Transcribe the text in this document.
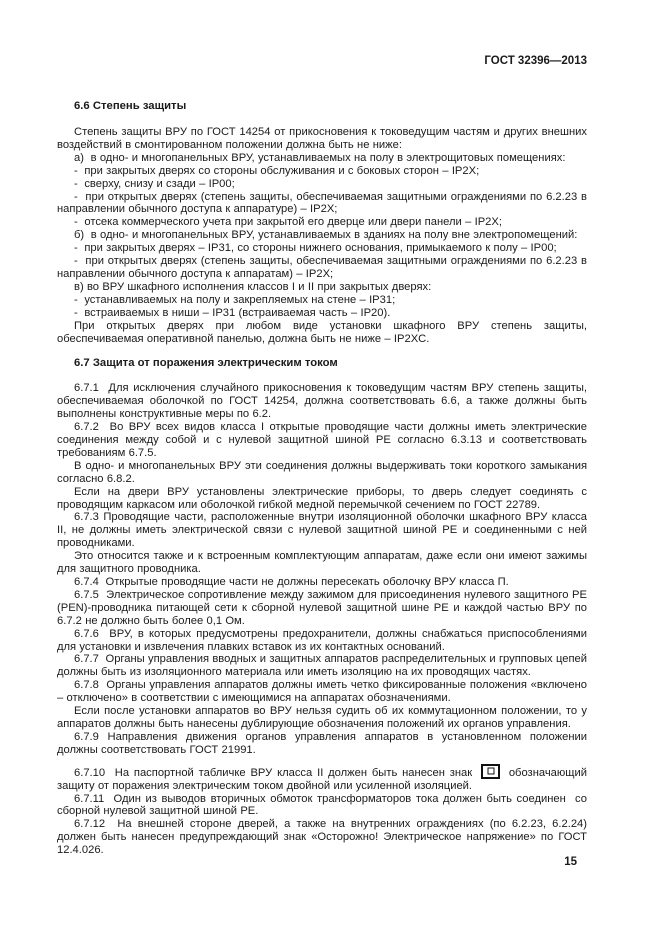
ГОСТ 32396—2013
6.6 Степень защиты

Степень защиты ВРУ по ГОСТ 14254 от прикосновения к токоведущим частям и других внешних воздействий в смонтированном положении должна быть не ниже:

а)  в одно- и многопанельных ВРУ, устанавливаемых на полу в электрощитовых помещениях:

-  при закрытых дверях со стороны обслуживания и с боковых сторон – IP2X;

-  сверху, снизу и сзади – IP00;

-  при открытых дверях (степень защиты, обеспечиваемая защитными ограждениями по 6.2.23 в направлении обычного доступа к аппаратуре) – IP2X;

-  отсека коммерческого учета при закрытой его дверце или двери панели – IP2X;

б)  в одно- и многопанельных ВРУ, устанавливаемых в зданиях на полу вне электропомещений:

-  при закрытых дверях – IP31, со стороны нижнего основания, примыкаемого к полу – IP00;

-  при открытых дверях (степень защиты, обеспечиваемая защитными ограждениями по 6.2.23 в направлении обычного доступа к аппаратам) – IP2X;

в) во ВРУ шкафного исполнения классов I и II при закрытых дверях:

-  устанавливаемых на полу и закрепляемых на стене – IP31;

-  встраиваемых в ниши – IP31 (встраиваемая часть – IP20).

При открытых дверях при любом виде установки шкафного ВРУ степень защиты, обеспечиваемая оперативной панелью, должна быть не ниже – IP2XC.

6.7 Защита от поражения электрическим током

6.7.1  Для исключения случайного прикосновения к токоведущим частям ВРУ степень защиты, обеспечиваемая оболочкой по ГОСТ 14254, должна соответствовать 6.6, а также должны быть выполнены конструктивные меры по 6.2.

6.7.2  Во ВРУ всех видов класса I открытые проводящие части должны иметь электрические соединения между собой и с нулевой защитной шиной PE согласно 6.3.13 и соответствовать требованиям 6.7.5.

В одно- и многопанельных ВРУ эти соединения должны выдерживать токи короткого замыкания согласно 6.8.2.

Если на двери ВРУ установлены электрические приборы, то дверь следует соединять с проводящим каркасом или оболочкой гибкой медной перемычкой сечением по ГОСТ 22789.

6.7.3 Проводящие части, расположенные внутри изоляционной оболочки шкафного ВРУ класса II, не должны иметь электрической связи с нулевой защитной шиной PE и соединенными с ней проводниками.

Это относится также и к встроенным комплектующим аппаратам, даже если они имеют зажимы для защитного проводника.

6.7.4  Открытые проводящие части не должны пересекать оболочку ВРУ класса П.

6.7.5  Электрическое сопротивление между зажимом для присоединения нулевого защитного PE (PEN)-проводника питающей сети к сборной нулевой защитной шине PE и каждой частью ВРУ по 6.7.2 не должно быть более 0,1 Ом.

6.7.6  ВРУ, в которых предусмотрены предохранители, должны снабжаться приспособлениями для установки и извлечения плавких вставок из их контактных оснований.

6.7.7  Органы управления вводных и защитных аппаратов распределительных и групповых цепей должны быть из изоляционного материала или иметь изоляцию на их проводящих частях.

6.7.8  Органы управления аппаратов должны иметь четко фиксированные положения «включено – отключено» в соответствии с имеющимися на аппаратах обозначениями.

Если после установки аппаратов во ВРУ нельзя судить об их коммутационном положении, то у аппаратов должны быть нанесены дублирующие обозначения положений их органов управления.

6.7.9 Направления движения органов управления аппаратов в установленном положении должны соответствовать ГОСТ 21991.

6.7.10  На паспортной табличке ВРУ класса II должен быть нанесен знак
обозначающий защиту от поражения электрическим током двойной или усиленной изоляцией.

6.7.11  Один из выводов вторичных обмоток трансформаторов тока должен быть соединен  со сборной нулевой защитной шиной PE.

6.7.12  На внешней стороне дверей, а также на внутренних ограждениях (по 6.2.23, 6.2.24) должен быть нанесен предупреждающий знак «Осторожно! Электрическое напряжение» по ГОСТ 12.4.026.

15
